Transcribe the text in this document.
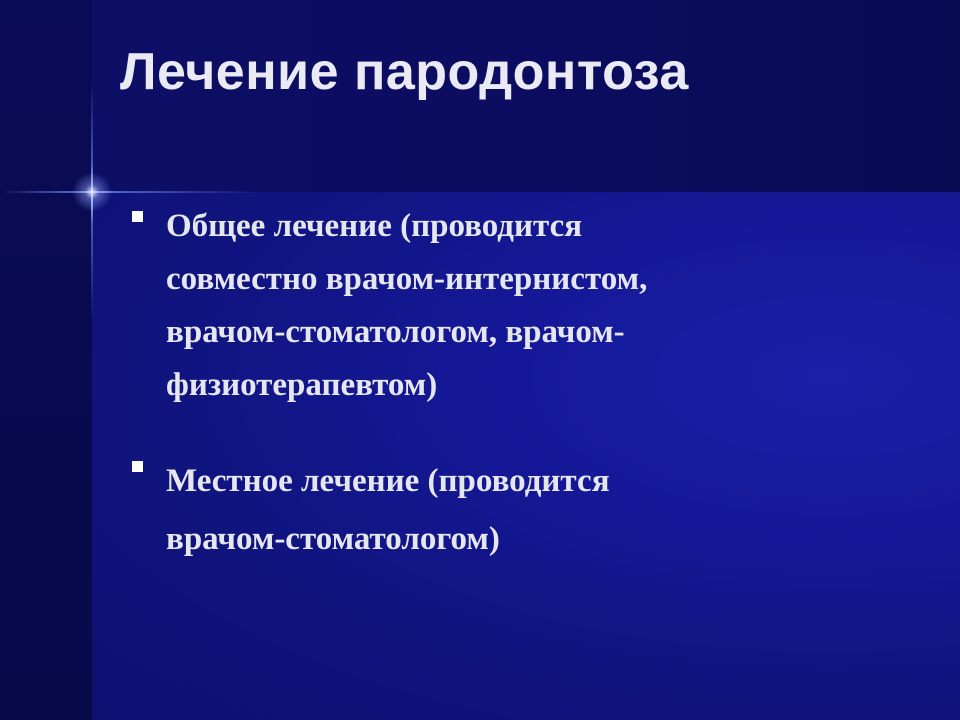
Лечение пародонтоза
Общее лечение (проводится
совместно врачом-интернистом,
врачом-стоматологом, врачом-
физиотерапевтом)
Местное лечение (проводится
врачом-стоматологом)
